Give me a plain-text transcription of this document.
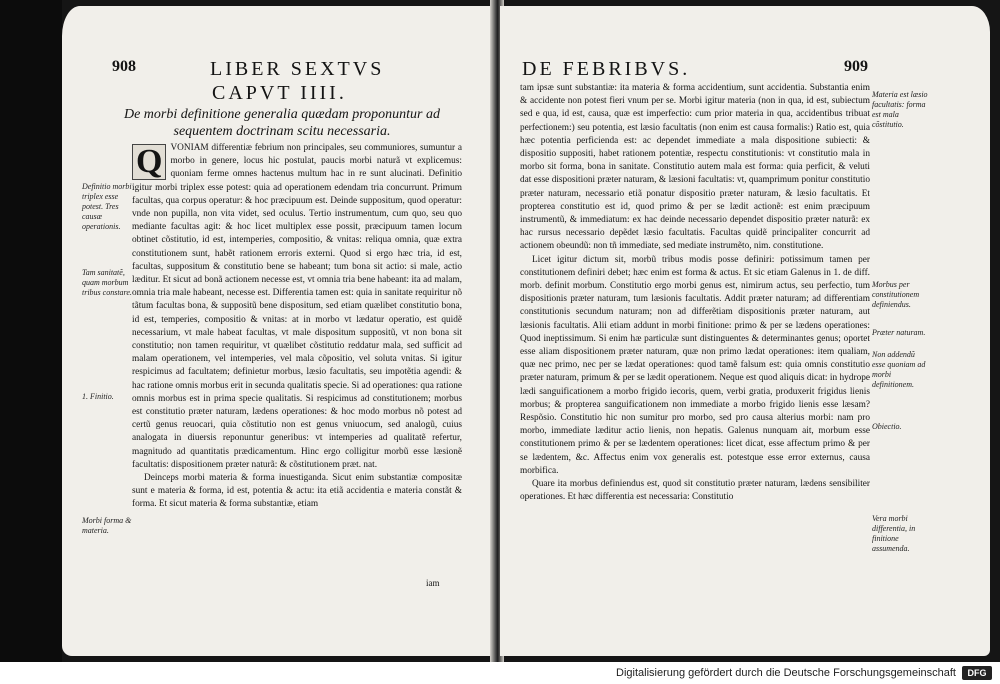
908	LIBER SEXTVS
CAPVT IIII.
De morbi definitione generalia quædam proponuntur ad
sequentem doctrinam scitu necessaria.
Definitio morbi triplex esse potest. Tres causæ operationis.
Tam sanitatẽ, quam morbum tribus constare.
1. Finitio.
Morbi forma & materia.

Q VONIAM differentiæ febrium non principales, seu communiores, sumuntur a morbo in genere, locus hic postulat, paucis morbi naturã vt explicemus: quoniam ferme omnes hactenus multum hac in re sunt alucinati. Definitio igitur morbi triplex esse potest: quia ad operationem edendam tria concurrunt. Primum facultas, qua corpus operatur: & hoc præcipuum est. Deinde suppositum, quod operatur: vnde non pupilla, non vita videt, sed oculus. Tertio instrumentum, cum quo, seu quo mediante facultas agit: & hoc licet multiplex esse possit, præcipuum tamen locum obtinet cõstitutio, id est, intemperies, compositio, & vnitas: reliqua omnia, quæ extra constitutionem sunt, habẽt rationem erroris externi. Quod si ergo hæc tria, id est, facultas, suppositum & constitutio bene se habeant; tum bona sit actio: si male, actio læditur. Et sicut ad bonã actionem necesse est, vt omnia tria bene habeant: ita ad malam, omnia tria male habeant, necesse est. Differentia tamen est: quia in sanitate requiritur nõ tãtum facultas bona, & suppositũ bene dispositum, sed etiam quælibet constitutio bona, id est, temperies, compositio & vnitas: at in morbo vt lædatur operatio, est quidẽ necessarium, vt male habeat facultas, vt male dispositum suppositũ, vt non bona sit constitutio; non tamen requiritur, vt quælibet cõstitutio reddatur mala, sed sufficit ad malam operationem, vel intemperies, vel mala cõpositio, vel soluta vnitas. Si igitur respicimus ad facultatem; definietur morbus, læsio facultatis, seu impotẽtia agendi: & hac ratione omnis morbus erit in secunda qualitatis specie. Si ad operationes: qua ratione omnis morbus est in prima specie qualitatis. Si respicimus ad constitutionem; morbus est constitutio præter naturam, lædens operationes: & hoc modo morbus nõ potest ad certũ genus reuocari, quia cõstitutio non est genus vniuocum, sed analogũ, cuius analogata in diuersis reponuntur generibus: vt intemperies ad qualitatẽ refertur, magnitudo ad quantitatis prædicamentum. Hinc ergo colligitur morbũ esse læsionẽ facultatis: dispositionem præter naturã: & cõstitutionem præt. nat.

Deinceps morbi materia & forma inuestiganda. Sicut enim substantiæ compositæ sunt e materia & forma, id est, potentia & actu: ita etiã accidentia e materia constãt & forma. Et sicut materia & forma substantiæ, etiam

iam
DE FEBRIBVS.	909

tam ipsæ sunt substantiæ: ita materia & forma accidentium, sunt accidentia. Substantia enim & accidente non potest fieri vnum per se. Morbi igitur materia (non in qua, id est, subiectum sed e qua, id est, causa, quæ est imperfectio: cum prior materia in qua, accidentibus tribuat perfectionem:) seu potentia, est læsio facultatis (non enim est causa formalis:) Ratio est, quia hæc potentia perficienda est: ac dependet immediate a mala dispositione subiecti: & dispositio suppositi, habet rationem potentiæ, respectu constitutionis: vt constitutio mala in morbo sit forma, bona in sanitate. Constitutio autem mala est forma: quia perficit, & veluti dat esse dispositioni præter naturam, & læsioni facultatis: vt, quamprimum ponitur constitutio præter naturam, necessario etiã ponatur dispositio præter naturam, & læsio facultatis. Et propterea constitutio est id, quod primo & per se lædit actionẽ: est enim præcipuum instrumentũ, & immediatum: ex hac deinde necessario dependet dispositio præter naturã: ex hac rursus necessario depẽdet læsio facultatis. Facultas quidẽ principaliter concurrit ad actionem obeundũ: non tñ immediate, sed mediate instrumẽto, nim. constitutione.

Licet igitur dictum sit, morbũ tribus modis posse definiri: potissimum tamen per constitutionem definiri debet; hæc enim est forma & actus. Et sic etiam Galenus in 1. de diff. morb. definit morbum. Constitutio ergo morbi genus est, nimirum actus, seu perfectio, tum dispositionis præter naturam, tum læsionis facultatis. Addit præter naturam; ad differentiam constitutionis secundum naturam; non ad differẽtiam dispositionis præter naturam, aut læsionis facultatis. Alii etiam addunt in morbi finitione: primo & per se lædens operationes: Quod ineptissimum. Si enim hæ particulæ sunt distinguentes & determinantes genus; oportet esse aliam dispositionem præter naturam, quæ non primo lædat operationes: item qualiam, quæ nec primo, nec per se lædat operationes: quod tamẽ falsum est: quia omnis constitutio præter naturam, primum & per se lædit operationem. Neque est quod aliquis dicat: in hydrope lædi sanguificationem a morbo frigido iecoris, quem, verbi gratia, produxerit frigidus lienis morbus; & propterea sanguificationem non immediate a morbo frigido lienis esse læsam? Respõsio. Constitutio hic non sumitur pro morbo, sed pro causa alterius morbi: nam pro morbo, immediate læditur actio lienis, non hepatis. Galenus nunquam ait, morbum esse constitutionem primo & per se lædentem operationes: licet dicat, esse affectum primo & per se lædentem, &c. Affectus enim vox generalis est. potestque esse error externus, causa morbifica.

Quare ita morbus definiendus est, quod sit constitutio præter naturam, lædens sensibiliter operationes. Et hæc differentia est necessaria: Constitutio

Materia est læsio facultatis: forma est mala cõstitutio.
Morbus per constitutionem definiendus.
Præter naturam.
Non addendũ esse quoniam ad morbi definitionem.
Obiectio.
Vera morbi differentia, in finitione assumenda.
Digitalisierung gefördert durch die Deutsche Forschungsgemeinschaft	DFG
